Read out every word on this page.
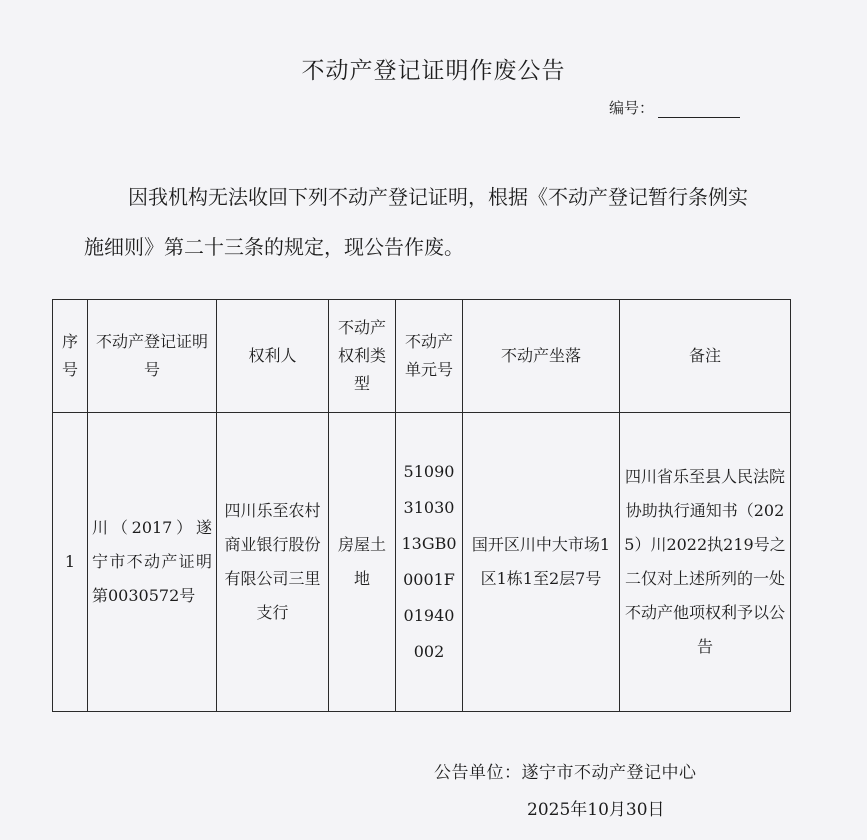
不动产登记证明作废公告
编号：
因我机构无法收回下列不动产登记证明，根据《不动产登记暂行条例实施细则》第二十三条的规定，现公告作废。
序号	不动产登记证明号	权利人	不动产权利类型	不动产单元号	不动产坐落	备注
1	川（2017）遂宁市不动产证明第0030572号	四川乐至农村商业银行股份有限公司三里支行	房屋土地	510903103013GB00001F01940002	国开区川中大市场1区1栋1至2层7号	四川省乐至县人民法院协助执行通知书（2025）川2022执219号之二仅对上述所列的一处不动产他项权利予以公告
公告单位：遂宁市不动产登记中心
2025年10月30日
